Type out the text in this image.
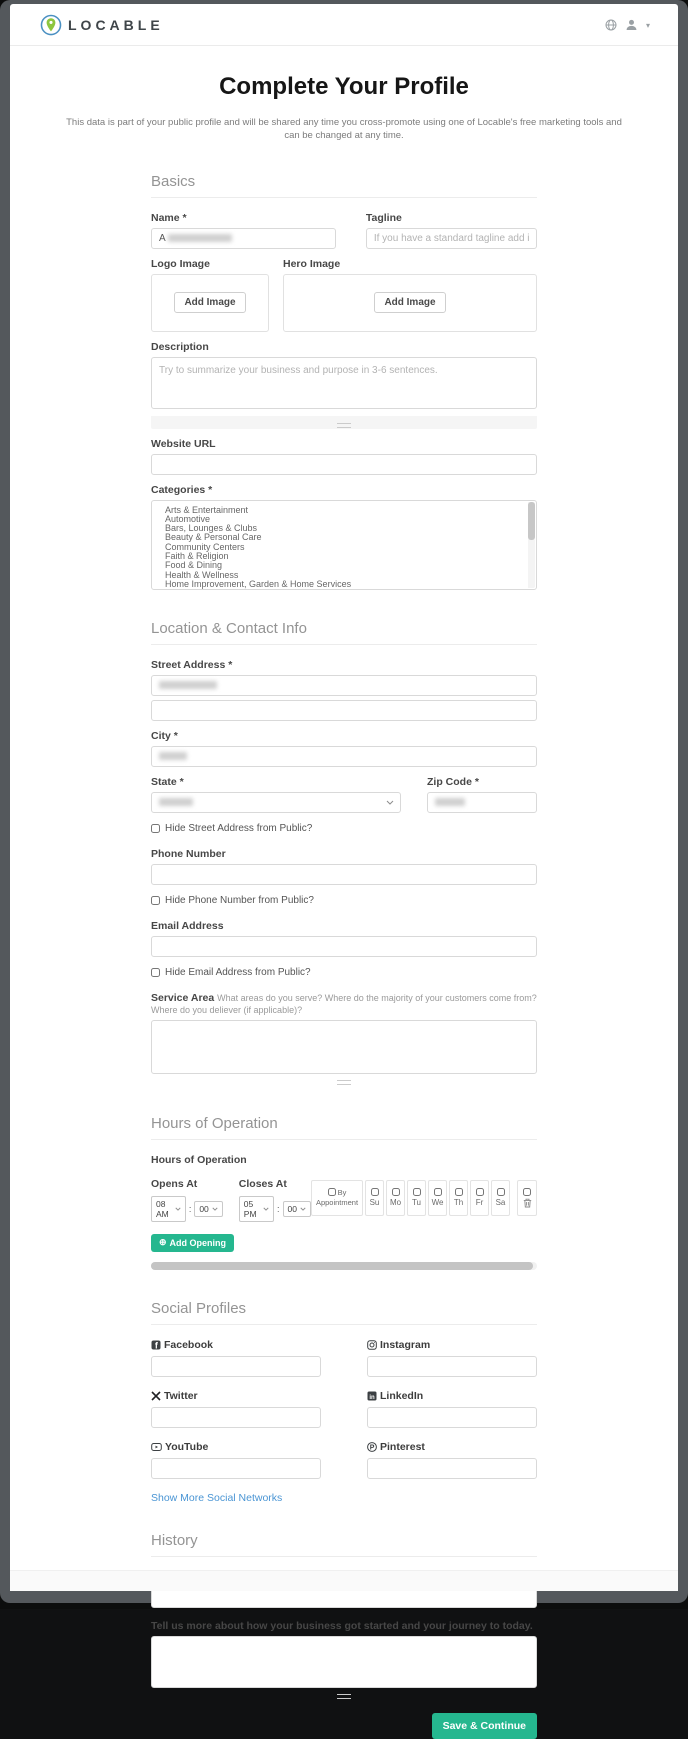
LOCABLE	▾
Complete Your Profile

This data is part of your public profile and will be shared any time you cross-promote using one of Locable's free marketing tools and can be changed at any time.

Basics
Name *
A
Tagline
If you have a standard tagline add it here.
Logo Image
Add Image
Hero Image
Add Image
Description
Try to summarize your business and purpose in 3-6 sentences.
Website URL
Categories *
Arts & Entertainment
Automotive
Bars, Lounges & Clubs
Beauty & Personal Care
Community Centers
Faith & Religion
Food & Dining
Health & Wellness
Home Improvement, Garden & Home Services
Location & Contact Info
Street Address *
City *
State *	Zip Code *
Hide Street Address from Public?
Phone Number
Hide Phone Number from Public?
Email Address
Hide Email Address from Public?
Service Area What areas do you serve? Where do the majority of your customers come from? Where do you deliever (if applicable)?
Hours of Operation
Hours of Operation
Opens At
08 AM	: 00
Closes At
05 PM	: 00
By Appointment	Su Mo Tu We Th Fr Sa
⊕ Add Opening
Social Profiles
f Facebook	Instagram
Twitter	in LinkedIn
YouTube	P Pinterest
Show More Social Networks
History
Tell us more about how your business got started and your journey to today.
Save & Continue
